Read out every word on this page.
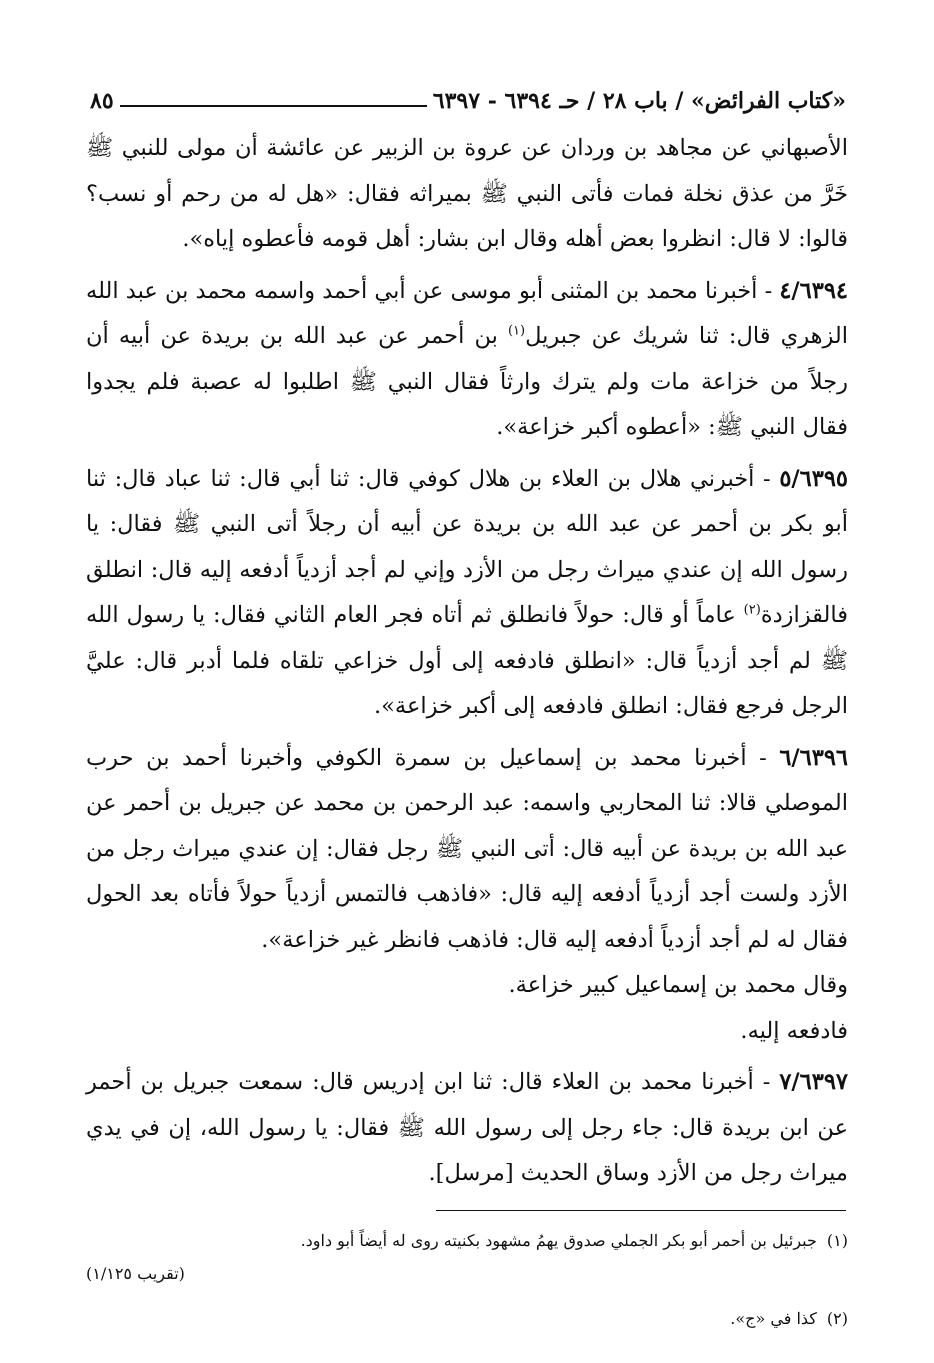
«كتاب الفرائض» / باب ٢٨ / حـ ٦٣٩٤ - ٦٣٩٧
٨٥

الأصبهاني عن مجاهد بن وردان عن عروة بن الزبير عن عائشة أن مولى للنبي ﷺ خَرَّ من عذق نخلة فمات فأتى النبي ﷺ بميراثه فقال: «هل له من رحم أو نسب؟ قالوا: لا قال: انظروا بعض أهله وقال ابن بشار: أهل قومه فأعطوه إياه».

٤/٦٣٩٤ - أخبرنا محمد بن المثنى أبو موسى عن أبي أحمد واسمه محمد بن عبد الله الزهري قال: ثنا شريك عن جبريل$^{(١)}$ بن أحمر عن عبد الله بن بريدة عن أبيه أن رجلاً من خزاعة مات ولم يترك وارثاً فقال النبي ﷺ اطلبوا له عصبة فلم يجدوا فقال النبي ﷺ: «أعطوه أكبر خزاعة».

٥/٦٣٩٥ - أخبرني هلال بن العلاء بن هلال كوفي قال: ثنا أبي قال: ثنا عباد قال: ثنا أبو بكر بن أحمر عن عبد الله بن بريدة عن أبيه أن رجلاً أتى النبي ﷺ فقال: يا رسول الله إن عندي ميراث رجل من الأزد وإني لم أجد أزدياً أدفعه إليه قال: انطلق فالقزازدة$^{(٢)}$ عاماً أو قال: حولاً فانطلق ثم أتاه فجر العام الثاني فقال: يا رسول الله ﷺ لم أجد أزدياً قال: «انطلق فادفعه إلى أول خزاعي تلقاه فلما أدبر قال: عليَّ الرجل فرجع فقال: انطلق فادفعه إلى أكبر خزاعة».

٦/٦٣٩٦ - أخبرنا محمد بن إسماعيل بن سمرة الكوفي وأخبرنا أحمد بن حرب الموصلي قالا: ثنا المحاربي واسمه: عبد الرحمن بن محمد عن جبريل بن أحمر عن عبد الله بن بريدة عن أبيه قال: أتى النبي ﷺ رجل فقال: إن عندي ميراث رجل من الأزد ولست أجد أزدياً أدفعه إليه قال: «فاذهب فالتمس أزدياً حولاً فأتاه بعد الحول فقال له لم أجد أزدياً أدفعه إليه قال: فاذهب فانظر غير خزاعة».

وقال محمد بن إسماعيل كبير خزاعة.

فادفعه إليه.

٧/٦٣٩٧ - أخبرنا محمد بن العلاء قال: ثنا ابن إدريس قال: سمعت جبريل بن أحمر عن ابن بريدة قال: جاء رجل إلى رسول الله ﷺ فقال: يا رسول الله، إن في يدي ميراث رجل من الأزد وساق الحديث [مرسل].

(١)
جبرئيل بن أحمر أبو بكر الجملي صدوق يهمُ مشهود بكنيته روى له أيضاً أبو داود.
(تقريب ١/١٢٥)
(٢)
كذا في «ج».
